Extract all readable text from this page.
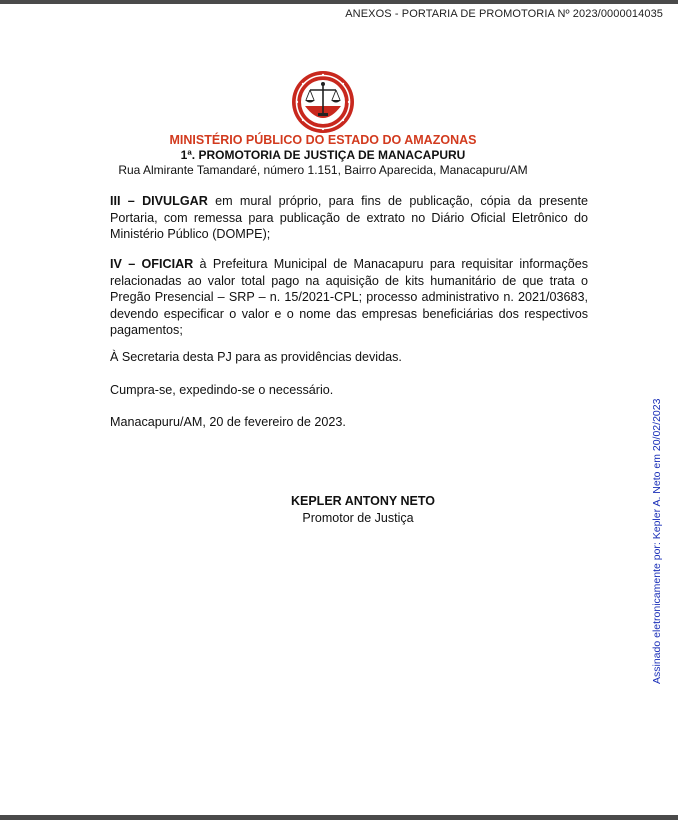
ANEXOS - PORTARIA DE PROMOTORIA Nº 2023/0000014035
MINISTÉRIO PÚBLICO DO ESTADO DO AMAZONAS
1ª. PROMOTORIA DE JUSTIÇA DE MANACAPURU
Rua Almirante Tamandaré, número 1.151, Bairro Aparecida, Manacapuru/AM
III – DIVULGAR em mural próprio, para fins de publicação, cópia da presente Portaria, com remessa para publicação de extrato no Diário Oficial Eletrônico do Ministério Público (DOMPE);
IV – OFICIAR à Prefeitura Municipal de Manacapuru para requisitar informações relacionadas ao valor total pago na aquisição de kits humanitário de que trata o Pregão Presencial – SRP – n. 15/2021-CPL; processo administrativo n. 2021/03683, devendo especificar o valor e o nome das empresas beneficiárias dos respectivos pagamentos;
À Secretaria desta PJ para as providências devidas.
Cumpra-se, expedindo-se o necessário.
Manacapuru/AM, 20 de fevereiro de 2023.
KEPLER ANTONY NETO
Promotor de Justiça	Assinado eletronicamente por: Kepler A. Neto em 20/02/2023
